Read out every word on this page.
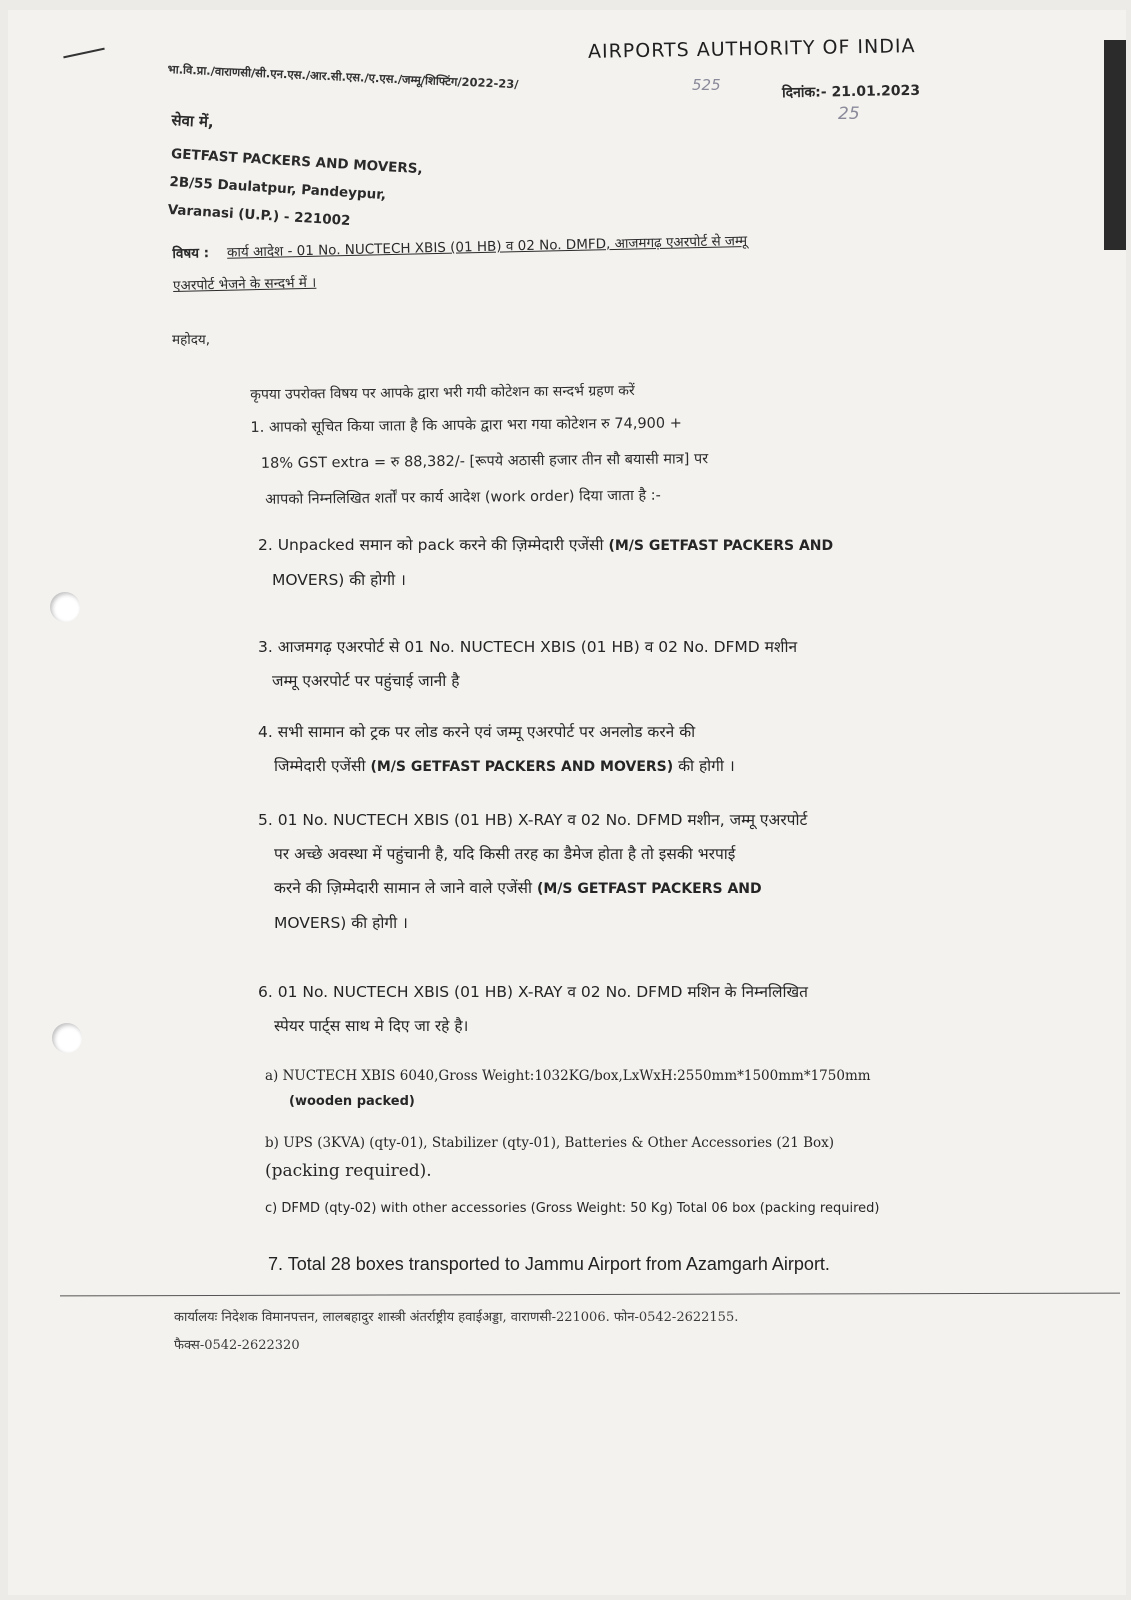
AIRPORTS AUTHORITY OF INDIA
भा.वि.प्रा./वाराणसी/सी.एन.एस./आर.सी.एस./ए.एस./जम्मू/शिफ्टिंग/2022-23/	525	दिनांक:- 21.01.2023
25
सेवा में,
GETFAST PACKERS AND MOVERS,
2B/55 Daulatpur, Pandeypur,
Varanasi (U.P.) - 221002
विषय : कार्य आदेश - 01 No. NUCTECH XBIS (01 HB) व 02 No. DMFD, आजमगढ़ एअरपोर्ट से जम्मू
एअरपोर्ट भेजने के सन्दर्भ में ।
महोदय,

कृपया उपरोक्त विषय पर आपके द्वारा भरी गयी कोटेशन का सन्दर्भ ग्रहण करें

1. आपको सूचित किया जाता है कि आपके द्वारा भरा गया कोटेशन रु 74,900 +

18% GST extra = रु 88,382/- [रूपये अठासी हजार तीन सौ बयासी मात्र] पर

आपको निम्नलिखित शर्तों पर कार्य आदेश (work order) दिया जाता है :-

2. Unpacked समान को pack करने की ज़िम्मेदारी एजेंसी (M/S GETFAST PACKERS AND
MOVERS) की होगी ।
3. आजमगढ़ एअरपोर्ट से 01 No. NUCTECH XBIS (01 HB) व 02 No. DFMD मशीन
जम्मू एअरपोर्ट पर पहुंचाई जानी है
4. सभी सामान को ट्रक पर लोड करने एवं जम्मू एअरपोर्ट पर अनलोड करने की
जिम्मेदारी एजेंसी (M/S GETFAST PACKERS AND MOVERS) की होगी ।
5. 01 No. NUCTECH XBIS (01 HB) X-RAY व 02 No. DFMD मशीन, जम्मू एअरपोर्ट
पर अच्छे अवस्था में पहुंचानी है, यदि किसी तरह का डैमेज होता है तो इसकी भरपाई
करने की ज़िम्मेदारी सामान ले जाने वाले एजेंसी (M/S GETFAST PACKERS AND
MOVERS) की होगी ।
6. 01 No. NUCTECH XBIS (01 HB) X-RAY व 02 No. DFMD मशिन के निम्नलिखित
स्पेयर पार्ट्स साथ मे दिए जा रहे है।
a) NUCTECH XBIS 6040,Gross Weight:1032KG/box,LxWxH:2550mm*1500mm*1750mm
(wooden packed)
b) UPS (3KVA) (qty-01), Stabilizer (qty-01), Batteries & Other Accessories (21 Box)
(packing required).
c) DFMD (qty-02) with other accessories (Gross Weight: 50 Kg) Total 06 box (packing required)
7. Total 28 boxes transported to Jammu Airport from Azamgarh Airport.
कार्यालयः निदेशक विमानपत्तन, लालबहादुर शास्त्री अंतर्राष्ट्रीय हवाईअड्डा, वाराणसी-221006. फोन-0542-2622155.
फैक्स-0542-2622320
